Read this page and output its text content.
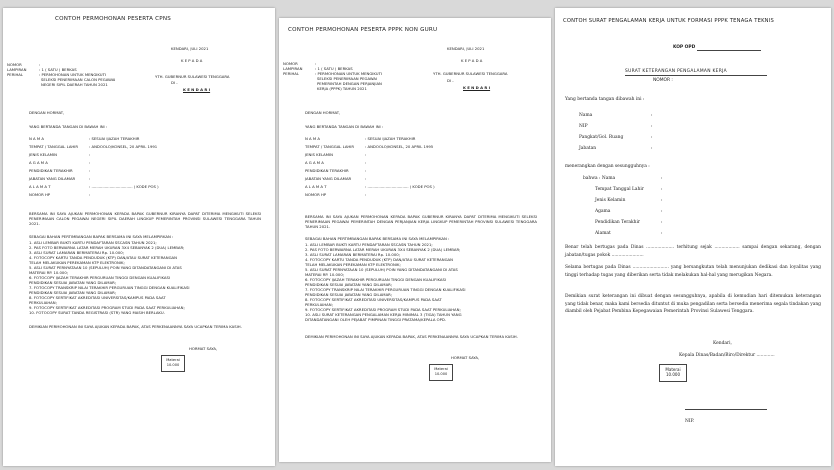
CONTOH PERMOHONAN PESERTA CPNS
KENDARI, JULI 2021
K E P A D A
NOMOR	:
LAMPIRAN	: 1 ( SATU ) BERKAS
PERIHAL	: PERMOHONAN UNTUK MENGIKUTI
SELEKSI PENERIMAAN CALON PEGAWAI
NEGERI SIPIL DAERAH TAHUN 2021
YTH. GUBERNUR SULAWESI TENGGARA
DI -
K E N D A R I
DENGAN HORMAT,
YANG BERTANDA TANGAN DI BAWAH INI :
N A M A	: SESUAI IJAZAH TERAKHIR
TEMPAT / TANGGAL LAHIR	: ANDOOLO/KONSEL, 20 APRIL 1991
JENIS KELAMIN	:
A G A M A	:
PENDIDIKAN TERAKHIR	:
JABATAN YANG DILAMAR	:
A L A M A T	: .................................. ( KODE POS )
NOMOR HP	:
BERSAMA INI SAYA AJUKAN PERMOHONAN KEPADA BAPAK GUBERNUR KIRANYA DAPAT DITERIMA MENGIKUTI SELEKSI PENERIMAAN CALON PEGAWAI NEGERI SIPIL DAERAH LINGKUP PEMERINTAH PROVINSI SULAWESI TENGGARA TAHUN 2021.
SEBAGAI BAHAN PERTIMBANGAN BAPAK BERSAMA INI SAYA MELAMPIRKAN :
1. ASLI LEMBAR BUKTI KARTU PENDAFTARAN SSCASN TAHUN 2021;
2. PAS FOTO BERWARNA LATAR MERAH UKURAN 3X4 SEBANYAK 2 (DUA) LEMBAR;
3. ASLI SURAT LAMARAN BERMATERAI Rp. 10.000;
4. FOTOCOPY KARTU TANDA PENDUDUK (KTP) DAN/ATAU SURAT KETERANGAN
TELAH MELAKUKAN PEREKAMAN KTP ELEKTRONIK;
5. ASLI SURAT PERNYATAAN 10 (SEPULUH) POIN YANG DITANDATANGANI DI ATAS
MATERAI RP. 10.000;
6. FOTOCOPY IJAZAH TERAKHIR PERGURUAN TINGGI DENGAN KUALIFIKASI
PENDIDIKAN SESUAI JABATAN YANG DILAMAR;
7. FOTOCOPY TRANSKRIP NILAI TERAKHIR PERGURUAN TINGGI DENGAN KUALIFIKASI
PENDIDIKAN SESUAI JABATAN YANG DILAMAR;
8. FOTOCOPY SERTIFIKAT AKREDITASI UNIVERSITAS/KAMPUS PADA SAAT
PERKULIAHAN;
9. FOTOCOPY SERTIFIKAT AKREDITASI PROGRAM STUDI PADA SAAT PERKULIAHAN;
10. FOTOCOPY SURAT TANDA REGISTRASI (STR) YANG MASIH BERLAKU.
DEMIKIAN PERMOHONAN INI SAYA AJUKAN KEPADA BAPAK, ATAS PERKENAANNYA SAYA UCAPKAN TERIMA KASIH.
HORMAT SAYA,
Materai
10.000
CONTOH PERMOHONAN PESERTA PPPK NON GURU
KENDARI, JULI 2021
K E P A D A
NOMOR	:
LAMPIRAN	: 1 ( SATU ) BERKAS
PERIHAL	: PERMOHONAN UNTUK MENGIKUTI
SELEKSI PENERIMAAN PEGAWAI
PEMERINTAH DENGAN PERJANJIAN
KERJA (PPPK) TAHUN 2021
YTH. GUBERNUR SULAWESI TENGGARA
DI -
K E N D A R I
DENGAN HORMAT,
YANG BERTANDA TANGAN DI BAWAH INI :
N A M A	: SESUAI IJAZAH TERAKHIR
TEMPAT / TANGGAL LAHIR	: ANDOOLO/KONSEL, 20 APRIL 1995
JENIS KELAMIN	:
A G A M A	:
PENDIDIKAN TERAKHIR	:
JABATAN YANG DILAMAR	:
A L A M A T	: .................................. ( KODE POS )
NOMOR HP	:
BERSAMA INI SAYA AJUKAN PERMOHONAN KEPADA BAPAK GUBERNUR KIRANYA DAPAT DITERIMA MENGIKUTI SELEKSI PENERIMAAN PEGAWAI PEMERINTAH DENGAN PERJANJIAN KERJA LINGKUP PEMERINTAH PROVINSI SULAWESI TENGGARA TAHUN 2021.
SEBAGAI BAHAN PERTIMBANGAN BAPAK BERSAMA INI SAYA MELAMPIRKAN :
1. ASLI LEMBAR BUKTI KARTU PENDAFTARAN SSCASN TAHUN 2021;
2. PAS FOTO BERWARNA LATAR MERAH UKURAN 3X4 SEBANYAK 2 (DUA) LEMBAR;
3. ASLI SURAT LAMARAN BERMATERAI Rp. 10.000;
4. FOTOCOPY KARTU TANDA PENDUDUK (KTP) DAN/ATAU SURAT KETERANGAN
TELAH MELAKUKAN PEREKAMAN KTP ELEKTRONIK;
5. ASLI SURAT PERNYATAAN 10 (SEPULUH) POIN YANG DITANDATANGANI DI ATAS
MATERAI RP. 10.000;
6. FOTOCOPY IJAZAH TERAKHIR PERGURUAN TINGGI DENGAN KUALIFIKASI
PENDIDIKAN SESUAI JABATAN YANG DILAMAR;
7. FOTOCOPY TRANSKRIP NILAI TERAKHIR PERGURUAN TINGGI DENGAN KUALIFIKASI
PENDIDIKAN SESUAI JABATAN YANG DILAMAR;
8. FOTOCOPY SERTIFIKAT AKREDITASI UNIVERSITAS/KAMPUS PADA SAAT
PERKULIAHAN;
9. FOTOCOPY SERTIFIKAT AKREDITASI PROGRAM STUDI PADA SAAT PERKULIAHAN;
10. ASLI SURAT KETERANGAN PENGALAMAN KERJA MINIMAL 3 (TIGA) TAHUN YANG
DITANDATANGANI OLEH PEJABAT PIMPINAN TINGGI PRATAMA/KEPALA OPD.
DEMIKIAN PERMOHONAN INI SAYA AJUKAN KEPADA BAPAK, ATAS PERKENAANNYA SAYA UCAPKAN TERIMA KASIH.
HORMAT SAYA,
Materai
10.000
CONTOH SURAT PENGALAMAN KERJA UNTUK FORMASI PPPK TENAGA TEKNIS
KOP OPD
SURAT KETERANGAN PENGALAMAN KERJA
NOMOR :
Yang bertanda tangan dibawah ini :
Nama	:
NIP	:
Pangkat/Gol. Ruang	:
Jabatan	:
menerangkan dengan sesungguhnya :
bahwa : Nama	:
Tempat Tanggal Lahir	:
Jenis Kelamin	:
Agama	:
Pendidikan Terakhir	:
Alamat	:
Benar telah bertugas pada Dinas .................... terhitung sejak .................. sampai dengan sekarang, dengan jabatan/tugas pokok .......................
Selama bertugas pada Dinas .......................... yang bersangkutan telah menunjukan dedikasi dan loyalitas yang tinggi terhadap tugas yang diberikan serta tidak melakukan hal-hal yang merugikan Negara.
Demikian surat keterangan ini dibuat dengan sesungguhnya, apabila di kemudian hari ditemukan keterangan yang tidak benar, maka kami bersedia dituntut di muka pengadilan serta bersedia menerima segala tindakan yang diambil oleh Pejabat Pembina Kepegawaian Pemerintah Provinsi Sulawesi Tenggara.
Kendari,
Kepala Dinas/Badan/Biro/Direktur .............
Materai
10.000
NIP.
